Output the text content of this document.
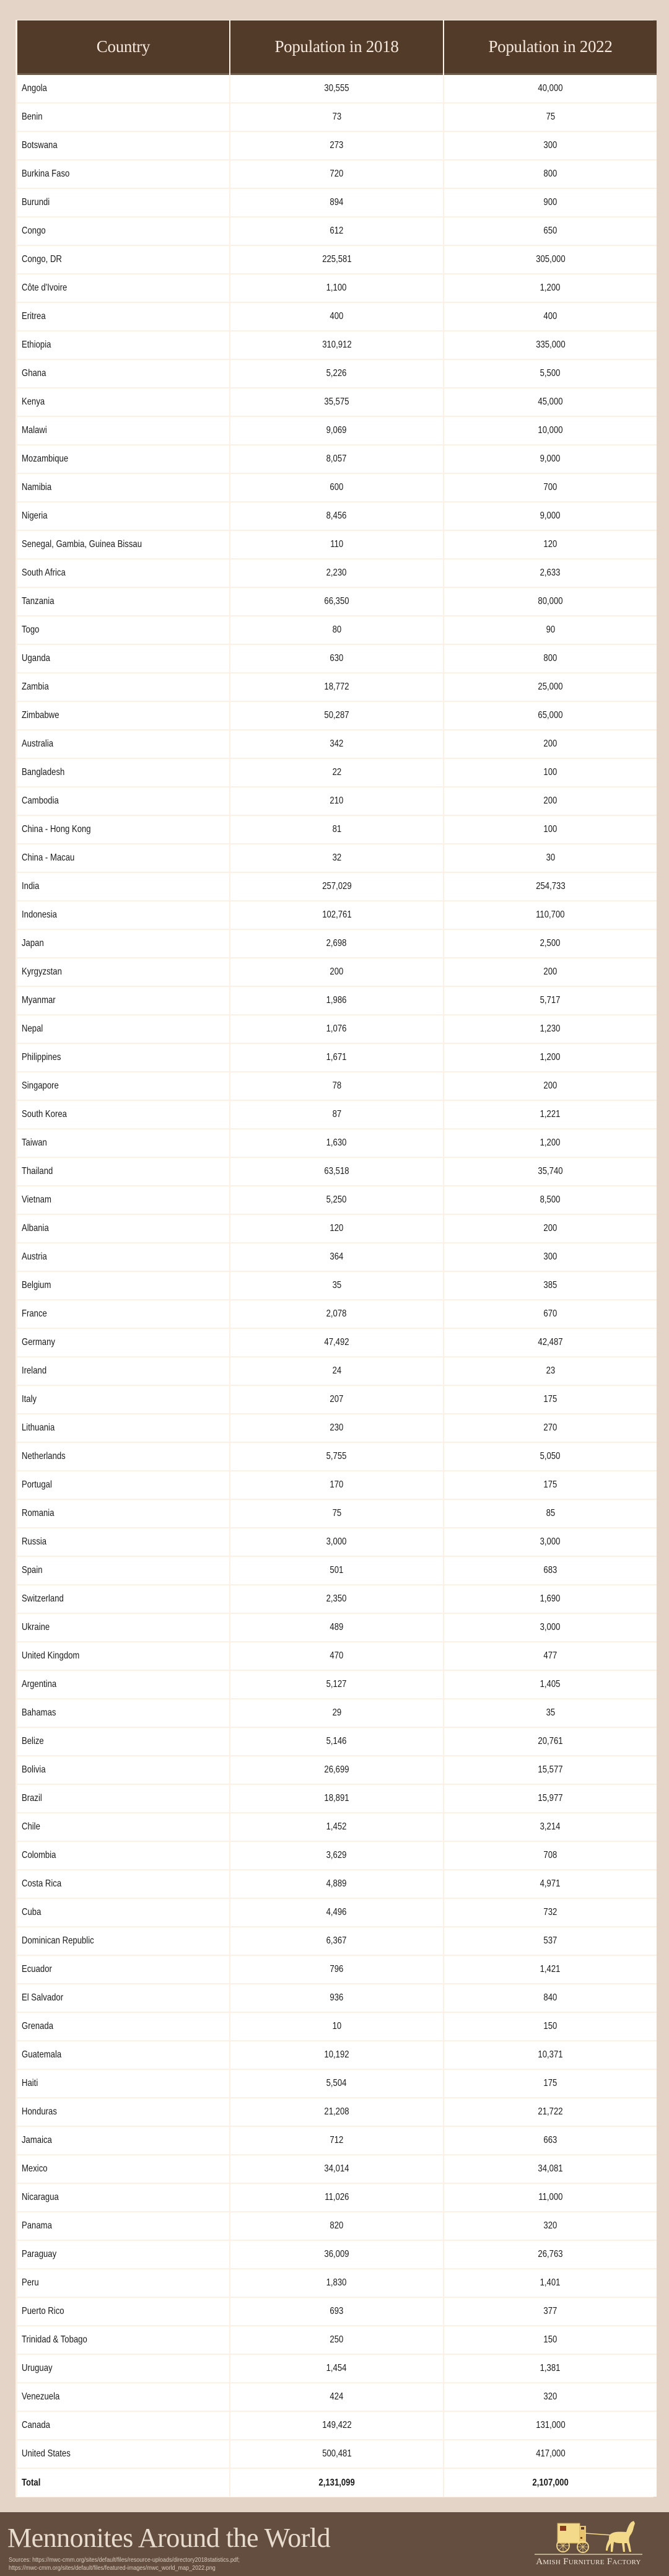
Country	Population in 2018	Population in 2022
Angola	30,555	40,000
Benin	73	75
Botswana	273	300
Burkina Faso	720	800
Burundi	894	900
Congo	612	650
Congo, DR	225,581	305,000
Côte d'Ivoire	1,100	1,200
Eritrea	400	400
Ethiopia	310,912	335,000
Ghana	5,226	5,500
Kenya	35,575	45,000
Malawi	9,069	10,000
Mozambique	8,057	9,000
Namibia	600	700
Nigeria	8,456	9,000
Senegal, Gambia, Guinea Bissau	110	120
South Africa	2,230	2,633
Tanzania	66,350	80,000
Togo	80	90
Uganda	630	800
Zambia	18,772	25,000
Zimbabwe	50,287	65,000
Australia	342	200
Bangladesh	22	100
Cambodia	210	200
China - Hong Kong	81	100
China - Macau	32	30
India	257,029	254,733
Indonesia	102,761	110,700
Japan	2,698	2,500
Kyrgyzstan	200	200
Myanmar	1,986	5,717
Nepal	1,076	1,230
Philippines	1,671	1,200
Singapore	78	200
South Korea	87	1,221
Taiwan	1,630	1,200
Thailand	63,518	35,740
Vietnam	5,250	8,500
Albania	120	200
Austria	364	300
Belgium	35	385
France	2,078	670
Germany	47,492	42,487
Ireland	24	23
Italy	207	175
Lithuania	230	270
Netherlands	5,755	5,050
Portugal	170	175
Romania	75	85
Russia	3,000	3,000
Spain	501	683
Switzerland	2,350	1,690
Ukraine	489	3,000
United Kingdom	470	477
Argentina	5,127	1,405
Bahamas	29	35
Belize	5,146	20,761
Bolivia	26,699	15,577
Brazil	18,891	15,977
Chile	1,452	3,214
Colombia	3,629	708
Costa Rica	4,889	4,971
Cuba	4,496	732
Dominican Republic	6,367	537
Ecuador	796	1,421
El Salvador	936	840
Grenada	10	150
Guatemala	10,192	10,371
Haiti	5,504	175
Honduras	21,208	21,722
Jamaica	712	663
Mexico	34,014	34,081
Nicaragua	11,026	11,000
Panama	820	320
Paraguay	36,009	26,763
Peru	1,830	1,401
Puerto Rico	693	377
Trinidad & Tobago	250	150
Uruguay	1,454	1,381
Venezuela	424	320
Canada	149,422	131,000
United States	500,481	417,000
Total	2,131,099	2,107,000
Mennonites Around the World
Sources: https://mwc-cmm.org/sites/default/files/resource-uploads/directory2018statistics.pdf;
https://mwc-cmm.org/sites/default/files/featured-images/mwc_world_map_2022.png
Amish Furniture Factory
